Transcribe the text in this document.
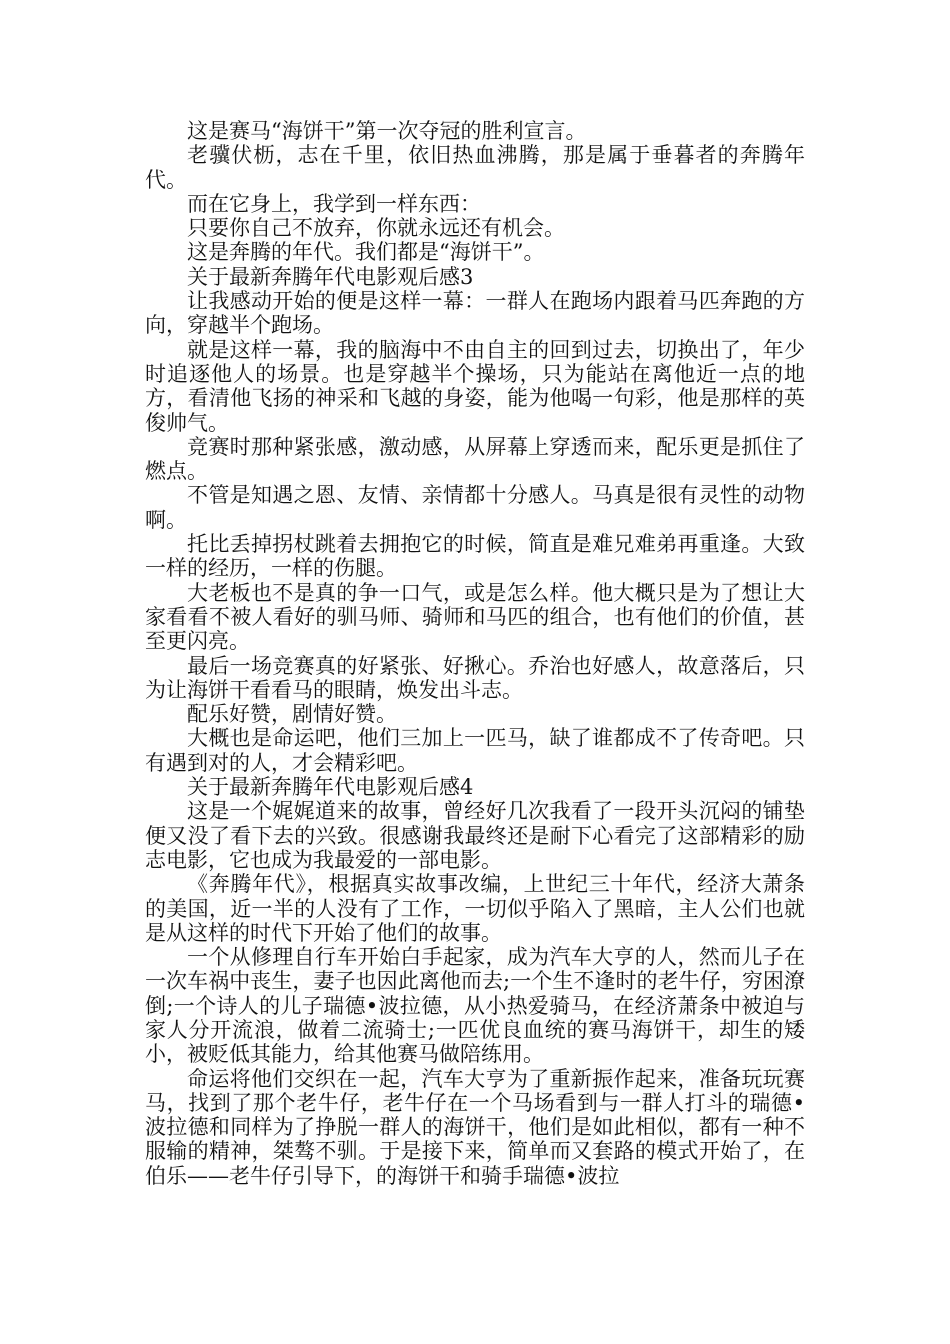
这是赛马“海饼干”第一次夺冠的胜利宣言。

老骥伏枥，志在千里，依旧热血沸腾，那是属于垂暮者的奔腾年代。

而在它身上，我学到一样东西：

只要你自己不放弃，你就永远还有机会。

这是奔腾的年代。我们都是“海饼干”。

关于最新奔腾年代电影观后感3

让我感动开始的便是这样一幕：一群人在跑场内跟着马匹奔跑的方向，穿越半个跑场。

就是这样一幕，我的脑海中不由自主的回到过去，切换出了，年少时追逐他人的场景。也是穿越半个操场，只为能站在离他近一点的地方，看清他飞扬的神采和飞越的身姿，能为他喝一句彩，他是那样的英俊帅气。

竞赛时那种紧张感，激动感，从屏幕上穿透而来，配乐更是抓住了燃点。

不管是知遇之恩、友情、亲情都十分感人。马真是很有灵性的动物啊。

托比丢掉拐杖跳着去拥抱它的时候，简直是难兄难弟再重逢。大致一样的经历，一样的伤腿。

大老板也不是真的争一口气，或是怎么样。他大概只是为了想让大家看看不被人看好的驯马师、骑师和马匹的组合，也有他们的价值，甚至更闪亮。

最后一场竞赛真的好紧张、好揪心。乔治也好感人，故意落后，只为让海饼干看看马的眼睛，焕发出斗志。

配乐好赞，剧情好赞。

大概也是命运吧，他们三加上一匹马，缺了谁都成不了传奇吧。只有遇到对的人，才会精彩吧。

关于最新奔腾年代电影观后感4

这是一个娓娓道来的故事，曾经好几次我看了一段开头沉闷的铺垫便又没了看下去的兴致。很感谢我最终还是耐下心看完了这部精彩的励志电影，它也成为我最爱的一部电影。

《奔腾年代》，根据真实故事改编，上世纪三十年代，经济大萧条的美国，近一半的人没有了工作，一切似乎陷入了黑暗，主人公们也就是从这样的时代下开始了他们的故事。

一个从修理自行车开始白手起家，成为汽车大亨的人，然而儿子在一次车祸中丧生，妻子也因此离他而去;一个生不逢时的老牛仔，穷困潦倒;一个诗人的儿子瑞德•波拉德，从小热爱骑马，在经济萧条中被迫与家人分开流浪，做着二流骑士;一匹优良血统的赛马海饼干，却生的矮小，被贬低其能力，给其他赛马做陪练用。

命运将他们交织在一起，汽车大亨为了重新振作起来，准备玩玩赛马，找到了那个老牛仔，老牛仔在一个马场看到与一群人打斗的瑞德•波拉德和同样为了挣脱一群人的海饼干，他们是如此相似，都有一种不服输的精神，桀骜不驯。于是接下来，简单而又套路的模式开始了，在伯乐——老牛仔引导下，的海饼干和骑手瑞德•波拉
